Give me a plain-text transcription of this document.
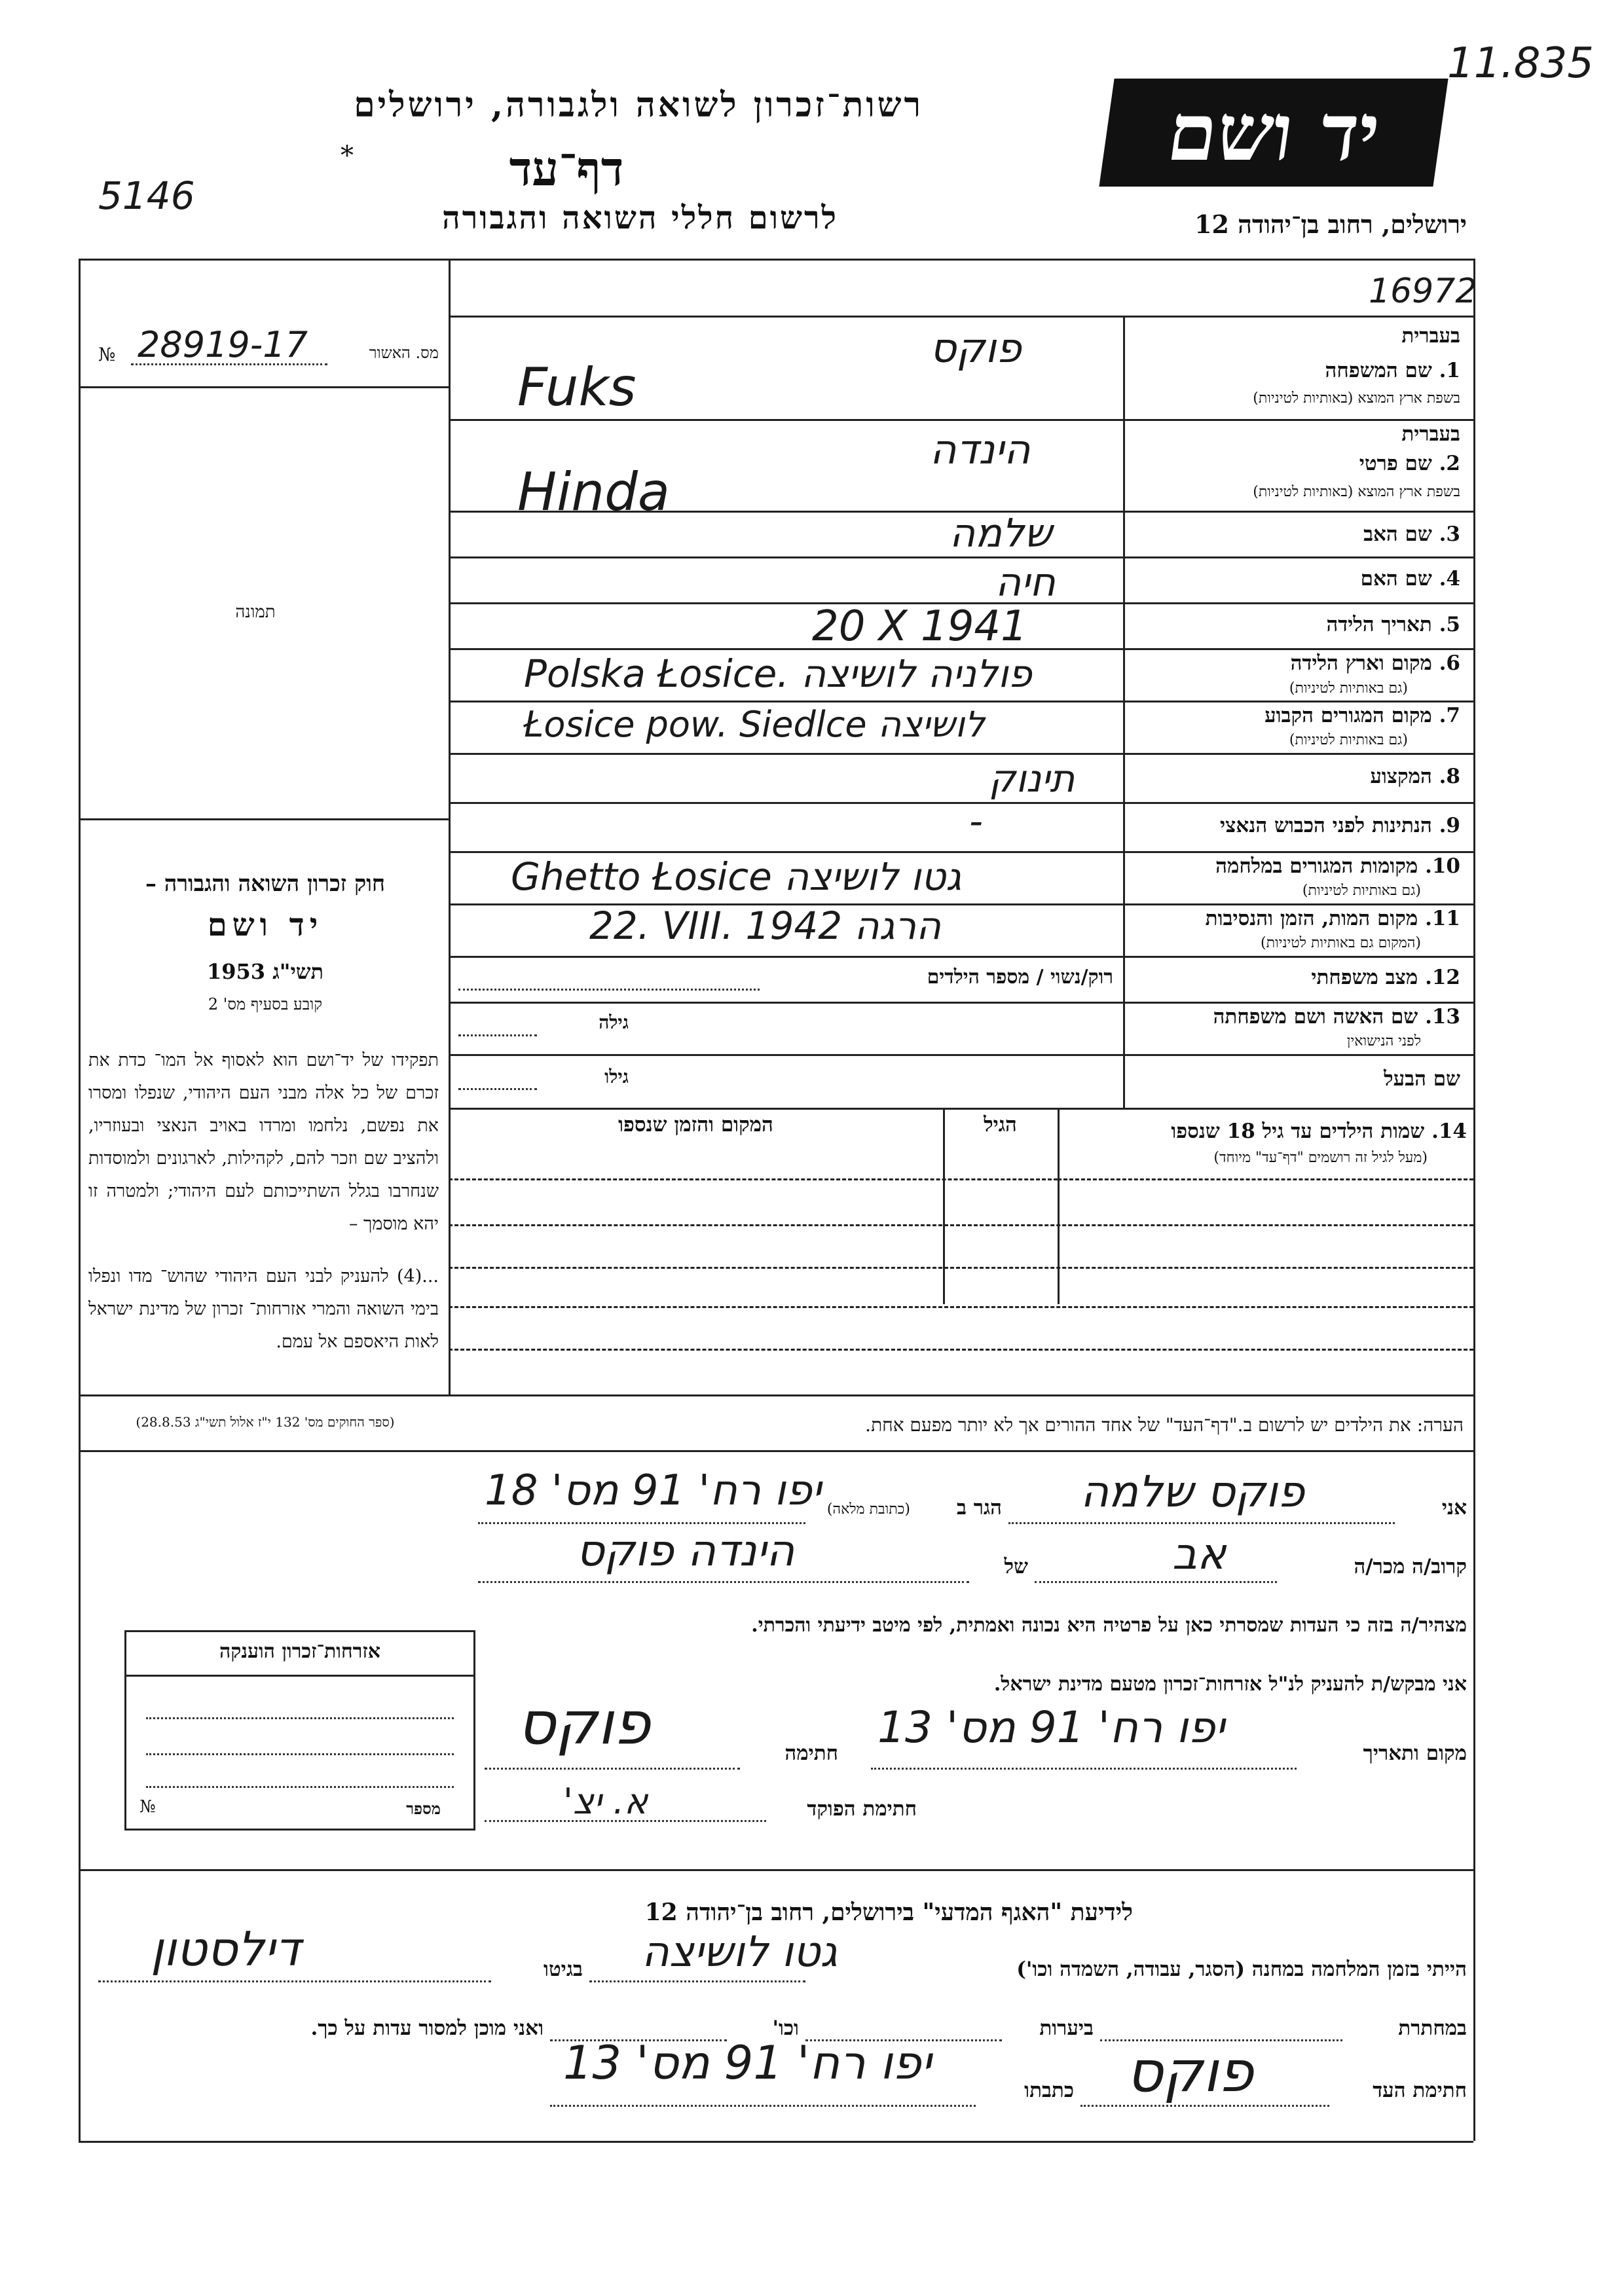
11.835
רשות־זכרון לשואה ולגבורה, ירושלים
דף־עד
לרשום חללי השואה והגבורה
יד ושם
ירושלים, רחוב בן־יהודה 12
5146
*
16972
מס. האשור
28919-17
№
תמונה
חוק זכרון השואה והגבורה –
יד ושם
תשי"ג 1953
קובע בסעיף מס' 2
תפקידו של יד־ושם הוא לאסוף אל המו־ כדת את זכרם של כל אלה מבני העם היהודי, שנפלו ומסרו את נפשם, נלחמו ומרדו באויב הנאצי ובעוזריו, ולהציב שם וזכר להם, לקהילות, לארגונים ולמוסדות שנחרבו בגלל השתייכותם לעם היהודי; ולמטרה זו יהא מוסמך –
...(4) להעניק לבני העם היהודי שהוש־ מדו ונפלו בימי השואה והמרי אזרחות־ זכרון של מדינת ישראל לאות היאספם אל עמם.
(ספר החוקים מס' 132 י"ז אלול תשי"ג 28.8.53)
בעברית
1. שם המשפחה
בשפת ארץ המוצא (באותיות לטיניות)
בעברית
2. שם פרטי
בשפת ארץ המוצא (באותיות לטיניות)
3. שם האב
4. שם האם
5. תאריך הלידה
6. מקום וארץ הלידה
(גם באותיות לטיניות)
7. מקום המגורים הקבוע
(גם באותיות לטיניות)
8. המקצוע
9. הנתינות לפני הכבוש הנאצי
10. מקומות המגורים במלחמה
(גם באותיות לטיניות)
11. מקום המות, הזמן והנסיבות
(המקום גם באותיות לטיניות)
12. מצב משפחתי
13. שם האשה ושם משפחתה
לפני הנישואין
שם הבעל
פוקס
Fuks
הינדה
Hinda
שלמה
חיה
20 X 1941
Polska Łosice. פולניה לושיצה
Łosice pow. Siedlce לושיצה
תינוק
-
Ghetto Łosice גטו לושיצה
22. VIII. 1942 הרגה
רוק/נשוי / מספר הילדים
גילה
גילו
14. שמות הילדים עד גיל 18 שנספו
(מעל לגיל זה רושמים "דף־עד" מיוחד)
הגיל
המקום והזמן שנספו
הערה: את הילדים יש לרשום ב."דף־העד" של אחד ההורים אך לא יותר מפעם אחת.
אני
פוקס שלמה
הגר ב
(כתובת מלאה)
יפו רח' 91 מס' 18
קרוב/ה מכר/ה
אב
של
הינדה פוקס
מצהיר/ה בזה כי העדות שמסרתי כאן על פרטיה היא נכונה ואמתית, לפי מיטב ידיעתי והכרתי.
אני מבקש/ת להעניק לנ"ל אזרחות־זכרון מטעם מדינת ישראל.
אזרחות־זכרון הוענקה
מספר
№
מקום ותאריך
יפו רח' 91 מס' 13
חתימה
פוקס
חתימת הפוקד
א. יצ'
לידיעת "האגף המדעי" בירושלים, רחוב בן־יהודה 12
הייתי בזמן המלחמה במחנה (הסגר, עבודה, השמדה וכו')
גטו לושיצה
בגיטו
דילסטון
במחתרת
ביערות
וכו'
ואני מוכן למסור עדות על כך.
חתימת העד
פוקס
כתבתו
יפו רח' 91 מס' 13
